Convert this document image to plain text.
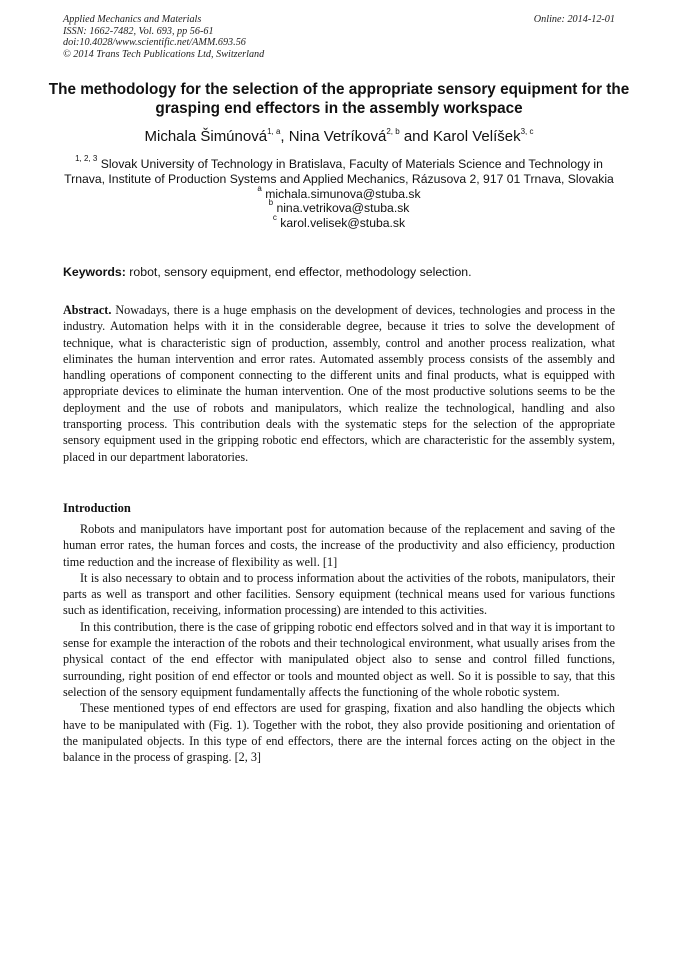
Applied Mechanics and Materials	Online: 2014-12-01
ISSN: 1662-7482, Vol. 693, pp 56-61
doi:10.4028/www.scientific.net/AMM.693.56
© 2014 Trans Tech Publications Ltd, Switzerland
The methodology for the selection of the appropriate sensory equipment for the grasping end effectors in the assembly workspace
Michala Šimúnová$^{1, a}$, Nina Vetríková$^{2, b}$ and Karol Velíšek$^{3, c}$
$^{1, 2, 3}$ Slovak University of Technology in Bratislava, Faculty of Materials Science and Technology in Trnava, Institute of Production Systems and Applied Mechanics, Rázusova 2, 917 01 Trnava, Slovakia
$^a$ michala.simunova@stuba.sk
$^b$ nina.vetrikova@stuba.sk
$^c$ karol.velisek@stuba.sk
Keywords: robot, sensory equipment, end effector, methodology selection.
Abstract. Nowadays, there is a huge emphasis on the development of devices, technologies and process in the industry. Automation helps with it in the considerable degree, because it tries to solve the development of technique, what is characteristic sign of production, assembly, control and another process realization, what eliminates the human intervention and error rates. Automated assembly process consists of the assembly and handling operations of component connecting to the different units and final products, what is equipped with appropriate devices to eliminate the human intervention. One of the most productive solutions seems to be the deployment and the use of robots and manipulators, which realize the technological, handling and also transporting process. This contribution deals with the systematic steps for the selection of the appropriate sensory equipment used in the gripping robotic end effectors, which are characteristic for the assembly system, placed in our department laboratories.
Introduction

Robots and manipulators have important post for automation because of the replacement and saving of the human error rates, the human forces and costs, the increase of the productivity and also efficiency, production time reduction and the increase of flexibility as well. [1]

It is also necessary to obtain and to process information about the activities of the robots, manipulators, their parts as well as transport and other facilities. Sensory equipment (technical means used for various functions such as identification, receiving, information processing) are intended to this activities.

In this contribution, there is the case of gripping robotic end effectors solved and in that way it is important to sense for example the interaction of the robots and their technological environment, what usually arises from the physical contact of the end effector with manipulated object also to sense and control filled functions, surrounding, right position of end effector or tools and mounted object as well. So it is possible to say, that this selection of the sensory equipment fundamentally affects the functioning of the whole robotic system.

These mentioned types of end effectors are used for grasping, fixation and also handling the objects which have to be manipulated with (Fig. 1). Together with the robot, they also provide positioning and orientation of the manipulated objects. In this type of end effectors, there are the internal forces acting on the object in the balance in the process of grasping. [2, 3]
